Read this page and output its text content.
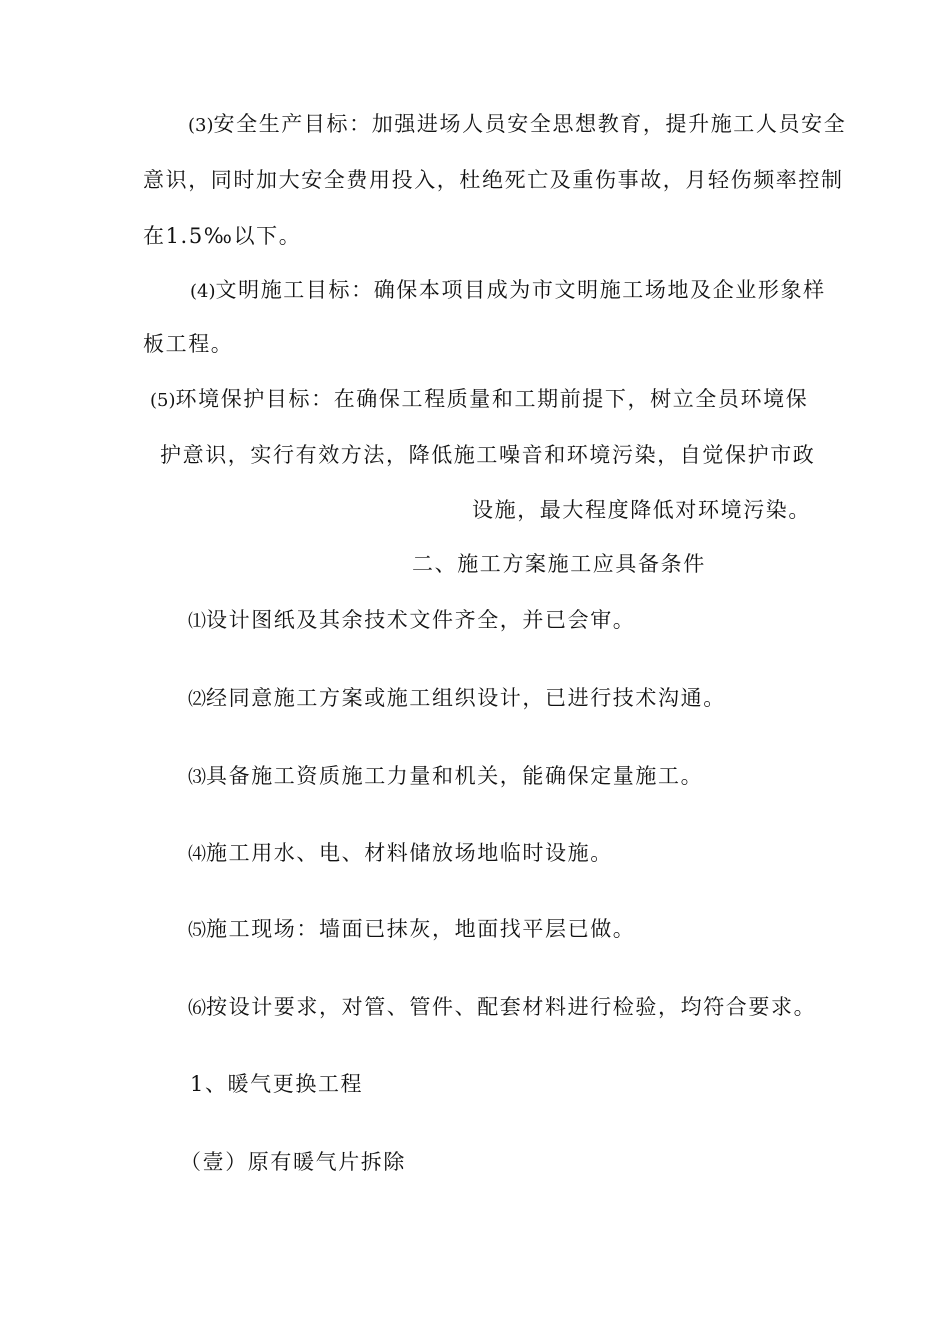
(3)安全生产目标：加强进场人员安全思想教育，提升施工人员安全
意识，同时加大安全费用投入，杜绝死亡及重伤事故，月轻伤频率控制
在1.5‰以下。
(4)文明施工目标：确保本项目成为市文明施工场地及企业形象样
板工程。
(5)环境保护目标：在确保工程质量和工期前提下，树立全员环境保
护意识，实行有效方法，降低施工噪音和环境污染，自觉保护市政
设施，最大程度降低对环境污染。
二、施工方案施工应具备条件
⑴设计图纸及其余技术文件齐全，并已会审。
⑵经同意施工方案或施工组织设计，已进行技术沟通。
⑶具备施工资质施工力量和机关，能确保定量施工。
⑷施工用水、电、材料储放场地临时设施。
⑸施工现场：墙面已抹灰，地面找平层已做。
⑹按设计要求，对管、管件、配套材料进行检验，均符合要求。
1、暖气更换工程
（壹）原有暖气片拆除
